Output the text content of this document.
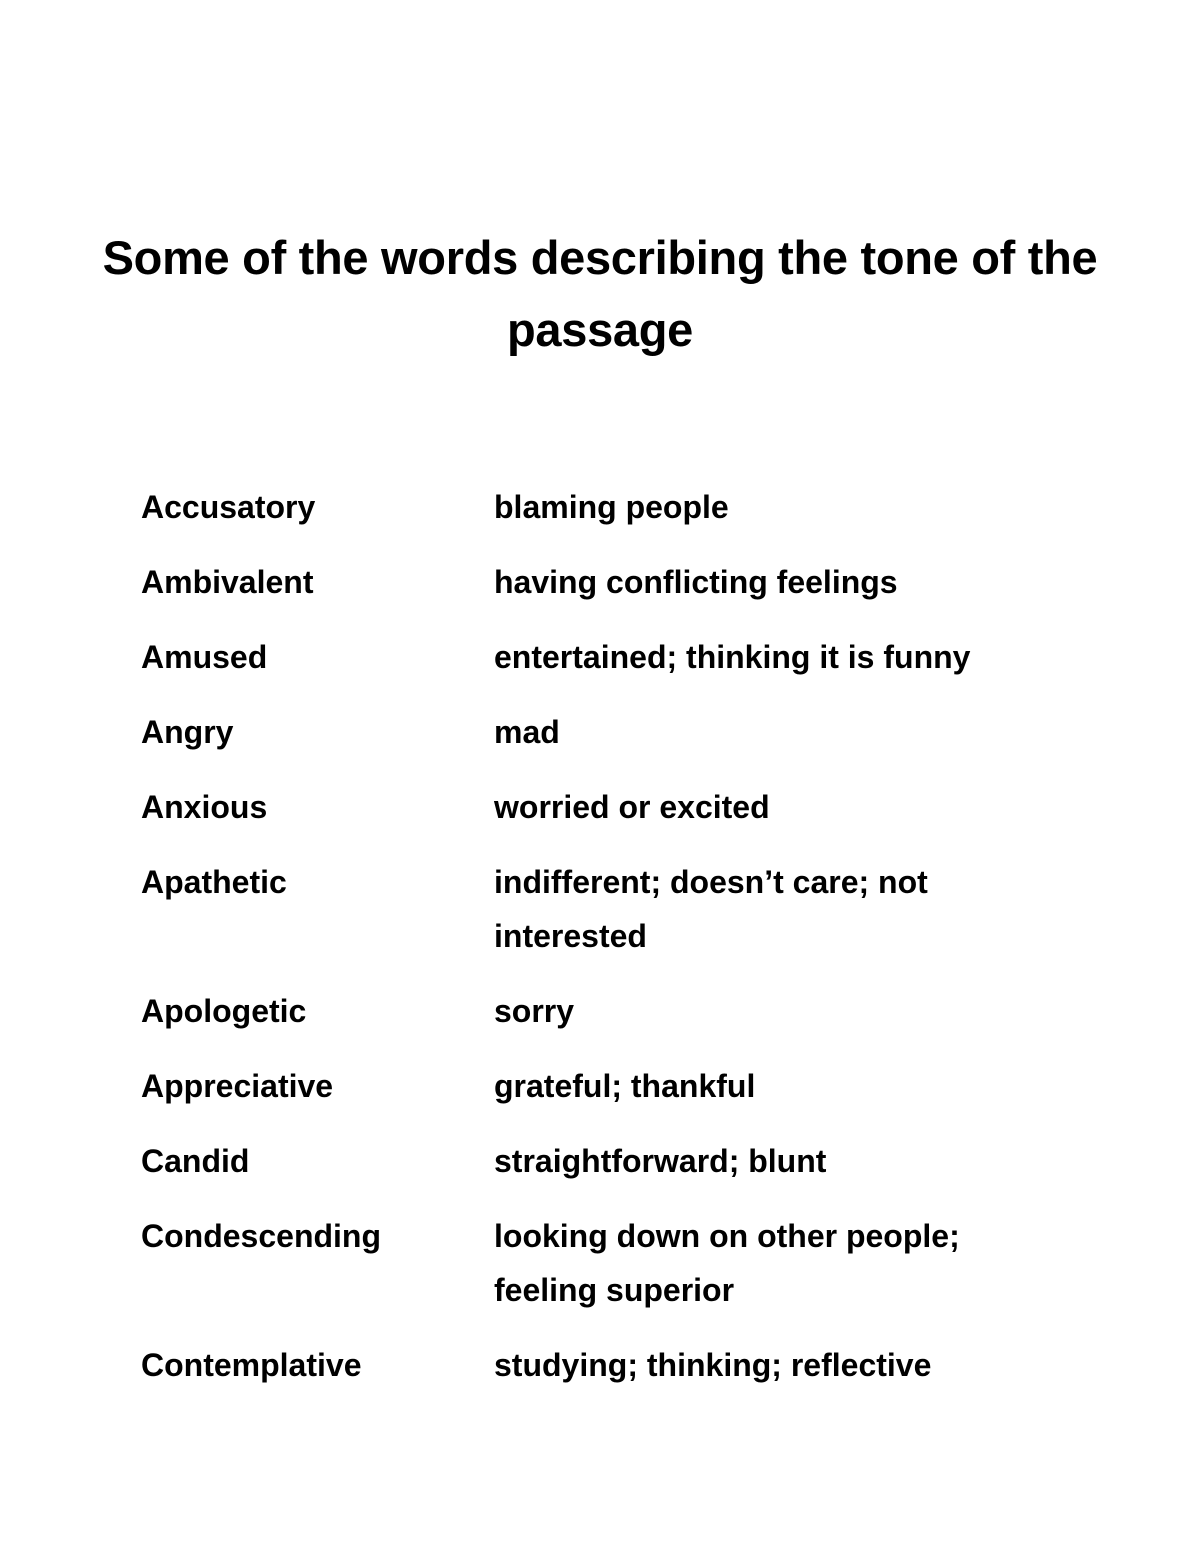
Some of the words describing the tone of the passage
Accusatory	blaming people
Ambivalent	having conflicting feelings
Amused	entertained; thinking it is funny
Angry	mad
Anxious	worried or excited
Apathetic	indifferent; doesn’t care; not interested
Apologetic	sorry
Appreciative	grateful; thankful
Candid	straightforward; blunt
Condescending	looking down on other people; feeling superior
Contemplative	studying; thinking; reflective
